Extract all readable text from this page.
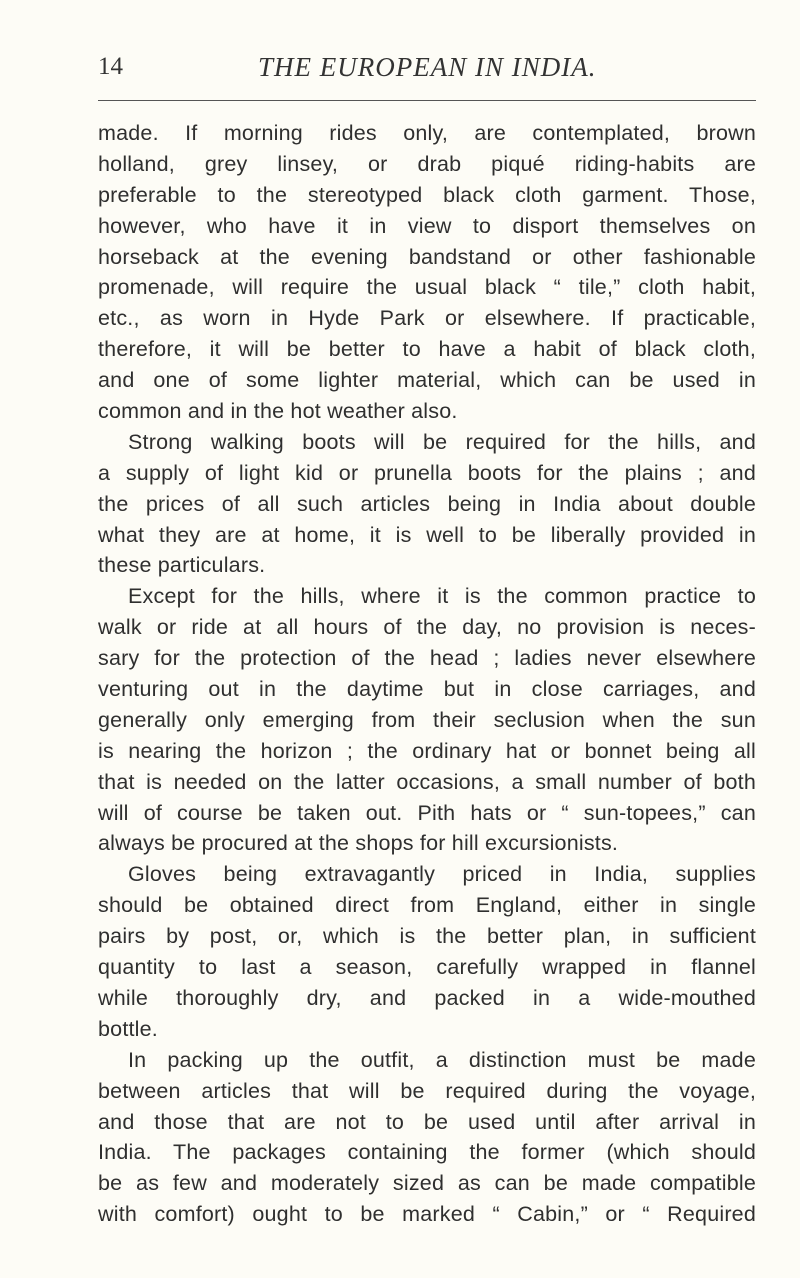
14	THE EUROPEAN IN INDIA.
made. If morning rides only, are contemplated, brown
holland, grey linsey, or drab piqué riding-habits are
preferable to the stereotyped black cloth garment. Those,
however, who have it in view to disport themselves on
horseback at the evening bandstand or other fashionable
promenade, will require the usual black “ tile,” cloth habit,
etc., as worn in Hyde Park or elsewhere. If practicable,
therefore, it will be better to have a habit of black cloth,
and one of some lighter material, which can be used in
common and in the hot weather also.
Strong walking boots will be required for the hills, and
a supply of light kid or prunella boots for the plains ; and
the prices of all such articles being in India about double
what they are at home, it is well to be liberally provided in
these particulars.
Except for the hills, where it is the common practice to
walk or ride at all hours of the day, no provision is neces-
sary for the protection of the head ; ladies never elsewhere
venturing out in the daytime but in close carriages, and
generally only emerging from their seclusion when the sun
is nearing the horizon ; the ordinary hat or bonnet being all
that is needed on the latter occasions, a small number of both
will of course be taken out. Pith hats or “ sun-topees,” can
always be procured at the shops for hill excursionists.
Gloves being extravagantly priced in India, supplies
should be obtained direct from England, either in single
pairs by post, or, which is the better plan, in sufficient
quantity to last a season, carefully wrapped in flannel
while thoroughly dry, and packed in a wide-mouthed
bottle.
In packing up the outfit, a distinction must be made
between articles that will be required during the voyage,
and those that are not to be used until after arrival in
India. The packages containing the former (which should
be as few and moderately sized as can be made compatible
with comfort) ought to be marked “ Cabin,” or “ Required
